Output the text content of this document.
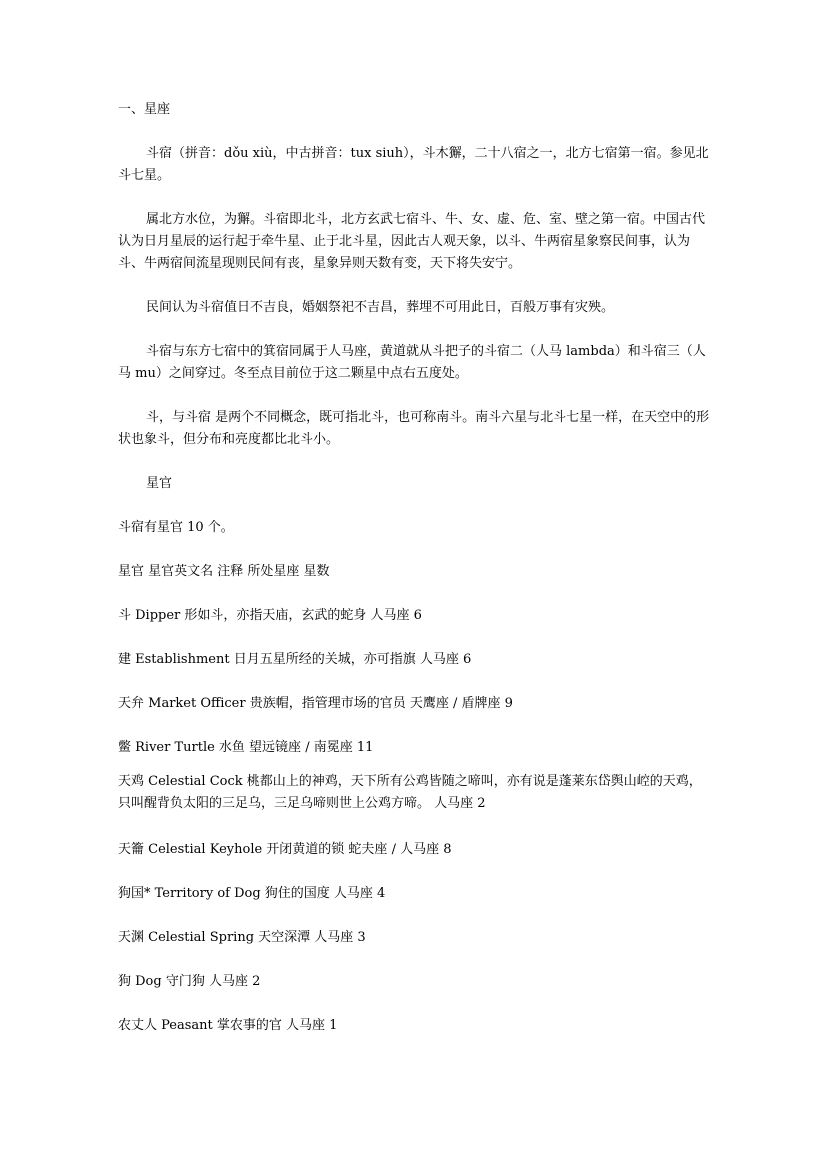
一、星座
斗宿（拼音：dǒu xiù，中古拼音：tux siuh），斗木獬，二十八宿之一，北方七宿第一宿。参见北斗七星。
属北方水位，为獬。斗宿即北斗，北方玄武七宿斗、牛、女、虚、危、室、壁之第一宿。中国古代认为日月星辰的运行起于牵牛星、止于北斗星，因此古人观天象，以斗、牛两宿星象察民间事，认为斗、牛两宿间流星现则民间有丧，星象异则天数有变，天下将失安宁。
民间认为斗宿值日不吉良，婚姻祭祀不吉昌，葬埋不可用此日，百般万事有灾殃。
斗宿与东方七宿中的箕宿同属于人马座，黄道就从斗把子的斗宿二（人马 lambda）和斗宿三（人马 mu）之间穿过。冬至点目前位于这二颗星中点右五度处。
斗，与斗宿 是两个不同概念，既可指北斗，也可称南斗。南斗六星与北斗七星一样，在天空中的形状也象斗，但分布和亮度都比北斗小。
星官
斗宿有星官 10 个。
星官 星官英文名 注释 所处星座 星数
斗 Dipper 形如斗，亦指天庙，玄武的蛇身 人马座 6
建 Establishment 日月五星所经的关城，亦可指旗 人马座 6
天弁 Market Officer 贵族帽，指管理市场的官员 天鹰座 / 盾牌座 9
鳖 River Turtle 水鱼 望远镜座 / 南冕座 11
天鸡 Celestial Cock 桃都山上的神鸡，天下所有公鸡皆随之啼叫，亦有说是蓬莱东岱舆山崆的天鸡，只叫醒背负太阳的三足乌，三足乌啼则世上公鸡方啼。 人马座 2
天籥 Celestial Keyhole 开闭黄道的锁 蛇夫座 / 人马座 8
狗国* Territory of Dog 狗住的国度 人马座 4
天渊 Celestial Spring 天空深潭 人马座 3
狗 Dog 守门狗 人马座 2
农丈人 Peasant 掌农事的官 人马座 1
